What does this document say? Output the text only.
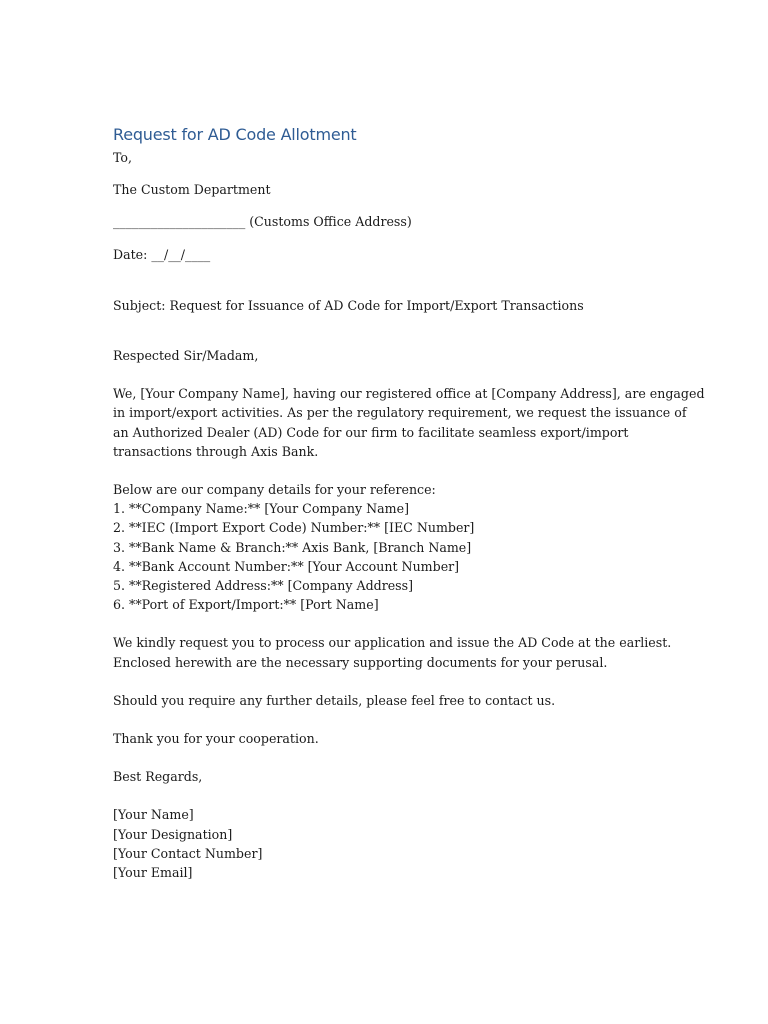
Request for AD Code Allotment
To,
The Custom Department
_____________________ (Customs Office Address)
Date: __/__/____
Subject: Request for Issuance of AD Code for Import/Export Transactions
Respected Sir/Madam,
We, [Your Company Name], having our registered office at [Company Address], are engaged
in import/export activities. As per the regulatory requirement, we request the issuance of
an Authorized Dealer (AD) Code for our firm to facilitate seamless export/import
transactions through Axis Bank.
Below are our company details for your reference:
1. **Company Name:** [Your Company Name]
2. **IEC (Import Export Code) Number:** [IEC Number]
3. **Bank Name & Branch:** Axis Bank, [Branch Name]
4. **Bank Account Number:** [Your Account Number]
5. **Registered Address:** [Company Address]
6. **Port of Export/Import:** [Port Name]
We kindly request you to process our application and issue the AD Code at the earliest.
Enclosed herewith are the necessary supporting documents for your perusal.
Should you require any further details, please feel free to contact us.
Thank you for your cooperation.
Best Regards,
[Your Name]
[Your Designation]
[Your Contact Number]
[Your Email]
